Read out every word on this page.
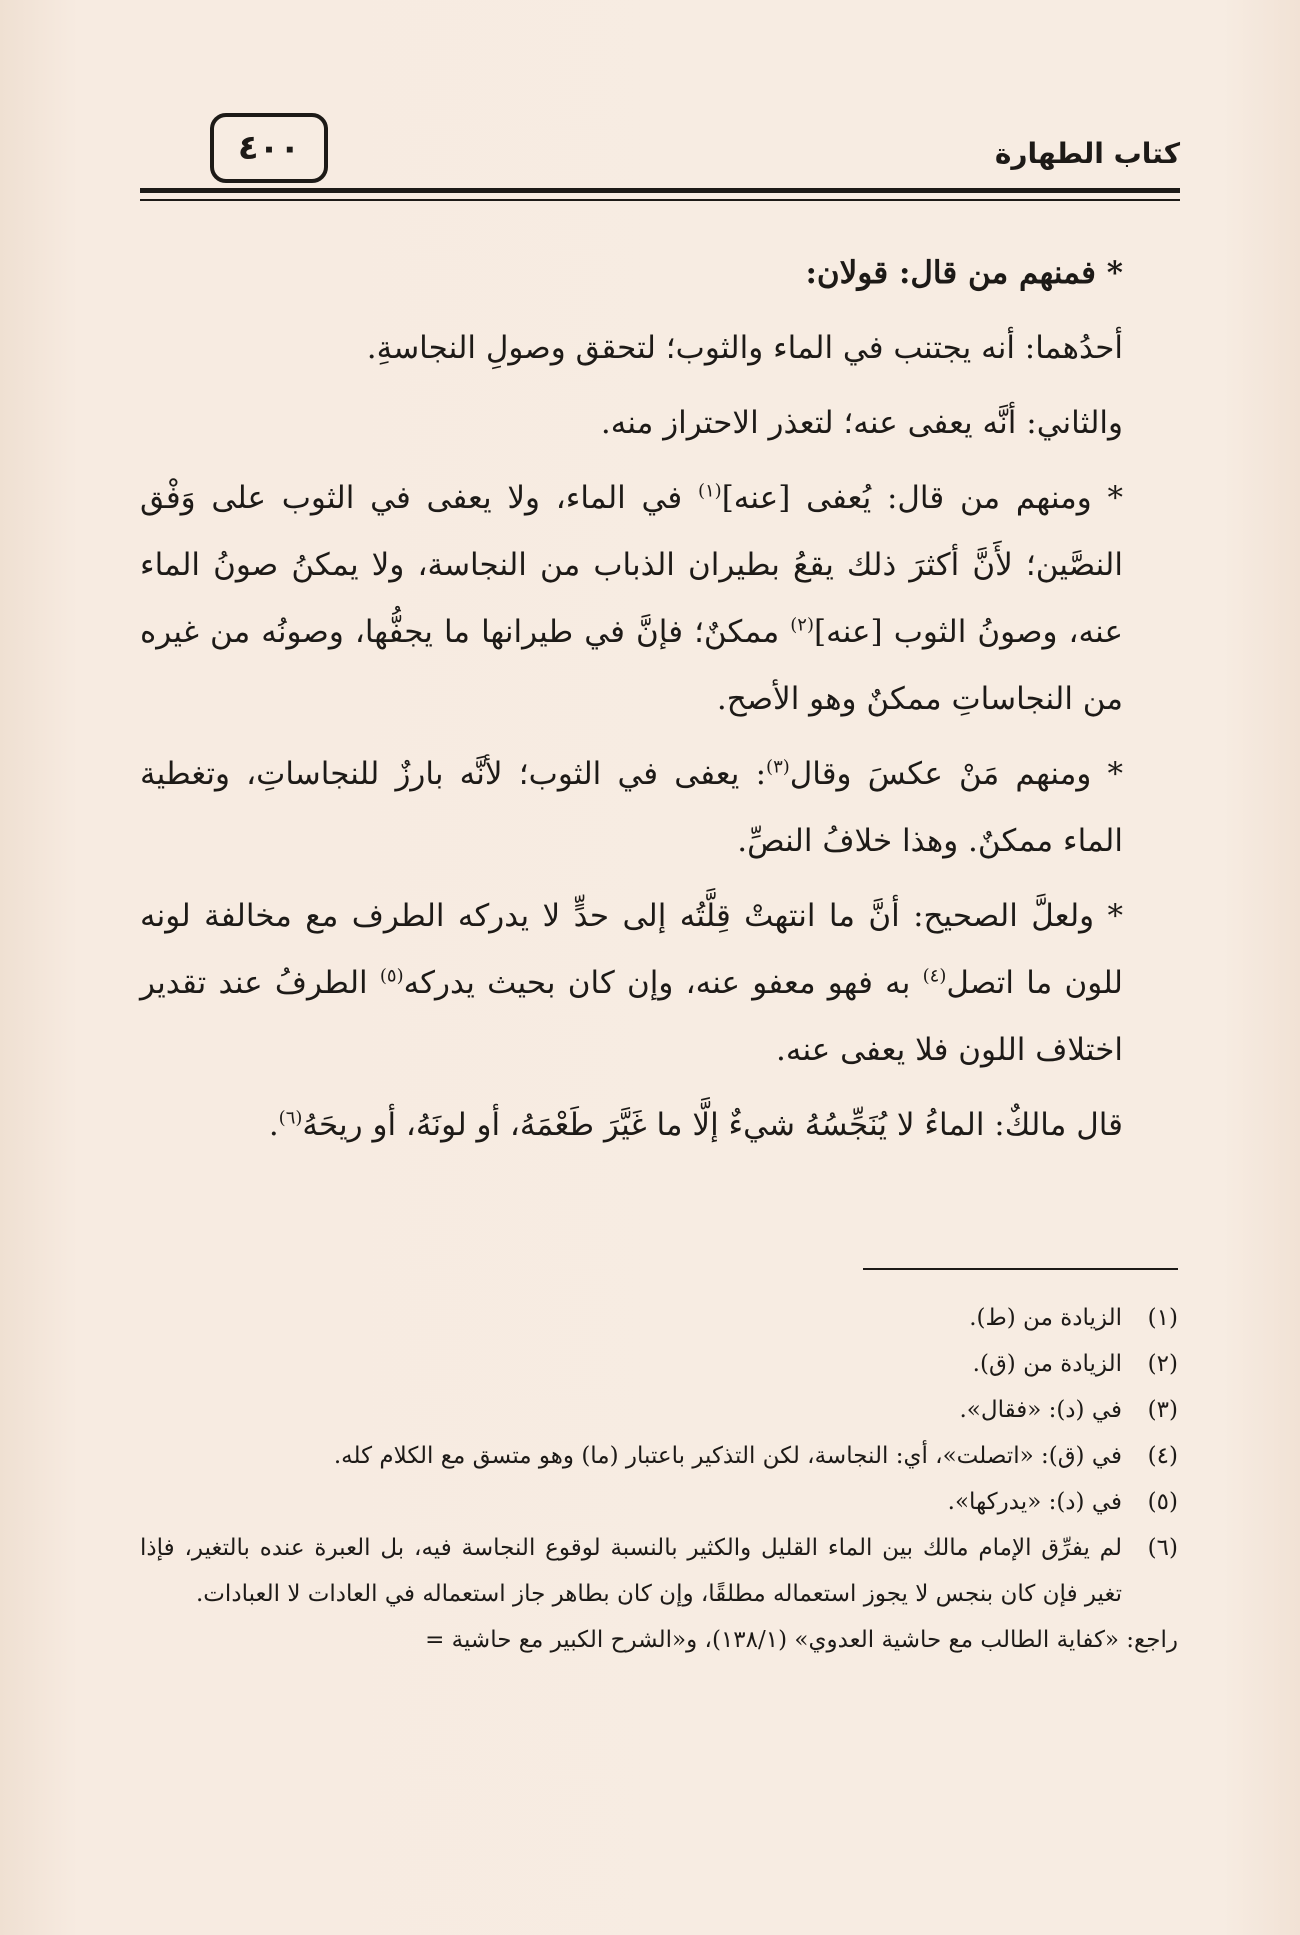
٤٠٠	كتاب الطهارة

* فمنهم من قال: قولان:

أحدُهما: أنه يجتنب في الماء والثوب؛ لتحقق وصولِ النجاسةِ.

والثاني: أنَّه يعفى عنه؛ لتعذر الاحتراز منه.

* ومنهم من قال: يُعفى [عنه]$^{(١)}$ في الماء، ولا يعفى في الثوب على وَفْق النصَّين؛ لأَنَّ أكثرَ ذلك يقعُ بطيران الذباب من النجاسة، ولا يمكنُ صونُ الماء عنه، وصونُ الثوب [عنه]$^{(٢)}$ ممكنٌ؛ فإنَّ في طيرانها ما يجفُّها، وصونُه من غيره من النجاساتِ ممكنٌ وهو الأصح.

* ومنهم مَنْ عكسَ وقال$^{(٣)}$: يعفى في الثوب؛ لأنَّه بارزٌ للنجاساتِ، وتغطية الماء ممكنٌ. وهذا خلافُ النصِّ.

* ولعلَّ الصحيح: أنَّ ما انتهتْ قِلَّتُه إلى حدٍّ لا يدركه الطرف مع مخالفة لونه للون ما اتصل$^{(٤)}$ به فهو معفو عنه، وإن كان بحيث يدركه$^{(٥)}$ الطرفُ عند تقدير اختلاف اللون فلا يعفى عنه.

قال مالكٌ: الماءُ لا يُنَجِّسُهُ شيءٌ إلَّا ما غَيَّرَ طَعْمَهُ، أو لونَهُ، أو ريحَهُ$^{(٦)}$.

(١)
الزيادة من (ط).
(٢)
الزيادة من (ق).
(٣)
في (د): «فقال».
(٤)
في (ق): «اتصلت»، أي: النجاسة، لكن التذكير باعتبار (ما) وهو متسق مع الكلام كله.
(٥)
في (د): «يدركها».
(٦)
لم يفرِّق الإمام مالك بين الماء القليل والكثير بالنسبة لوقوع النجاسة فيه، بل العبرة عنده بالتغير، فإذا تغير فإن كان بنجس لا يجوز استعماله مطلقًا، وإن كان بطاهر جاز استعماله في العادات لا العبادات.
راجع: «كفاية الطالب مع حاشية العدوي» (١٣٨/١)، و«الشرح الكبير مع حاشية =
